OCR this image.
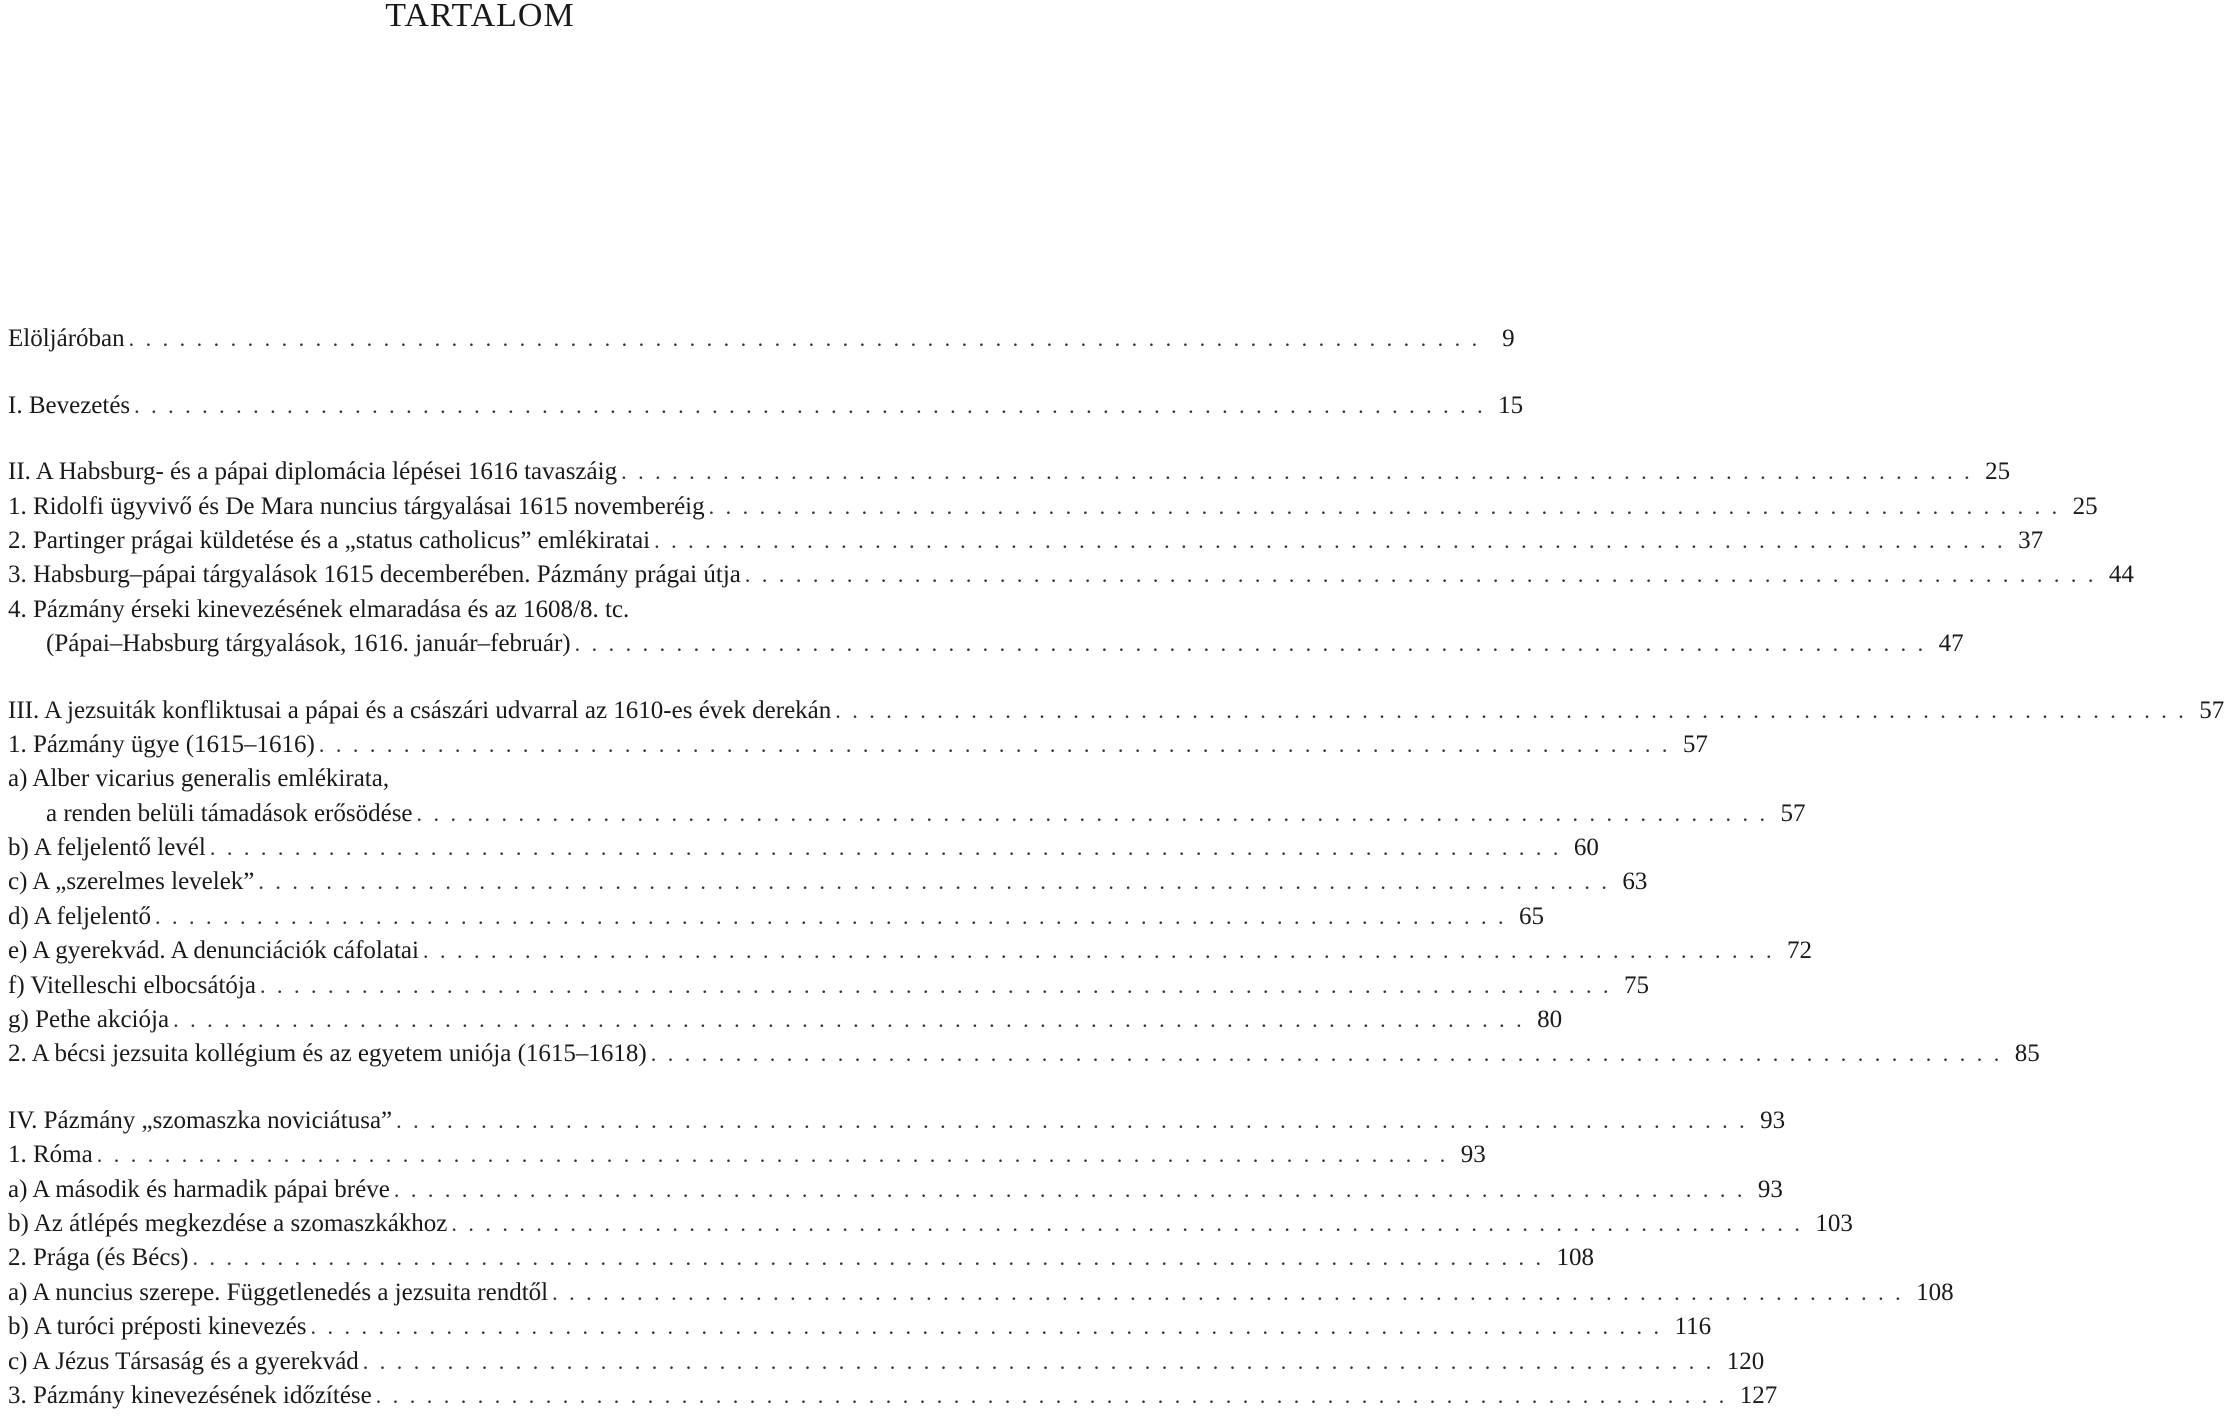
TARTALOM
Elöljáróban ................................................................................ 9
I. Bevezetés ................................................................................ 15
II. A Habsburg- és a pápai diplomácia lépései 1616 tavaszáig ................................................................................ 25
1. Ridolfi ügyvivő és De Mara nuncius tárgyalásai 1615 novemberéig ................................................................................ 25
2. Partinger prágai küldetése és a „status catholicus” emlékiratai ................................................................................ 37
3. Habsburg–pápai tárgyalások 1615 decemberében. Pázmány prágai útja ................................................................................ 44
4. Pázmány érseki kinevezésének elmaradása és az 1608/8. tc.
(Pápai–Habsburg tárgyalások, 1616. január–február) ................................................................................ 47
III. A jezsuiták konfliktusai a pápai és a császári udvarral az 1610-es évek derekán ................................................................................ 57
1. Pázmány ügye (1615–1616) ................................................................................ 57
a) Alber vicarius generalis emlékirata,
a renden belüli támadások erősödése ................................................................................ 57
b) A feljelentő levél ................................................................................ 60
c) A „szerelmes levelek” ................................................................................ 63
d) A feljelentő ................................................................................ 65
e) A gyerekvád. A denunciációk cáfolatai ................................................................................ 72
f) Vitelleschi elbocsátója ................................................................................ 75
g) Pethe akciója ................................................................................ 80
2. A bécsi jezsuita kollégium és az egyetem uniója (1615–1618) ................................................................................ 85
IV. Pázmány „szomaszka noviciátusa” ................................................................................ 93
1. Róma ................................................................................ 93
a) A második és harmadik pápai bréve ................................................................................ 93
b) Az átlépés megkezdése a szomaszkákhoz ................................................................................ 103
2. Prága (és Bécs) ................................................................................ 108
a) A nuncius szerepe. Függetlenedés a jezsuita rendtől ................................................................................ 108
b) A turóci préposti kinevezés ................................................................................ 116
c) A Jézus Társaság és a gyerekvád ................................................................................ 120
3. Pázmány kinevezésének időzítése ................................................................................ 127
